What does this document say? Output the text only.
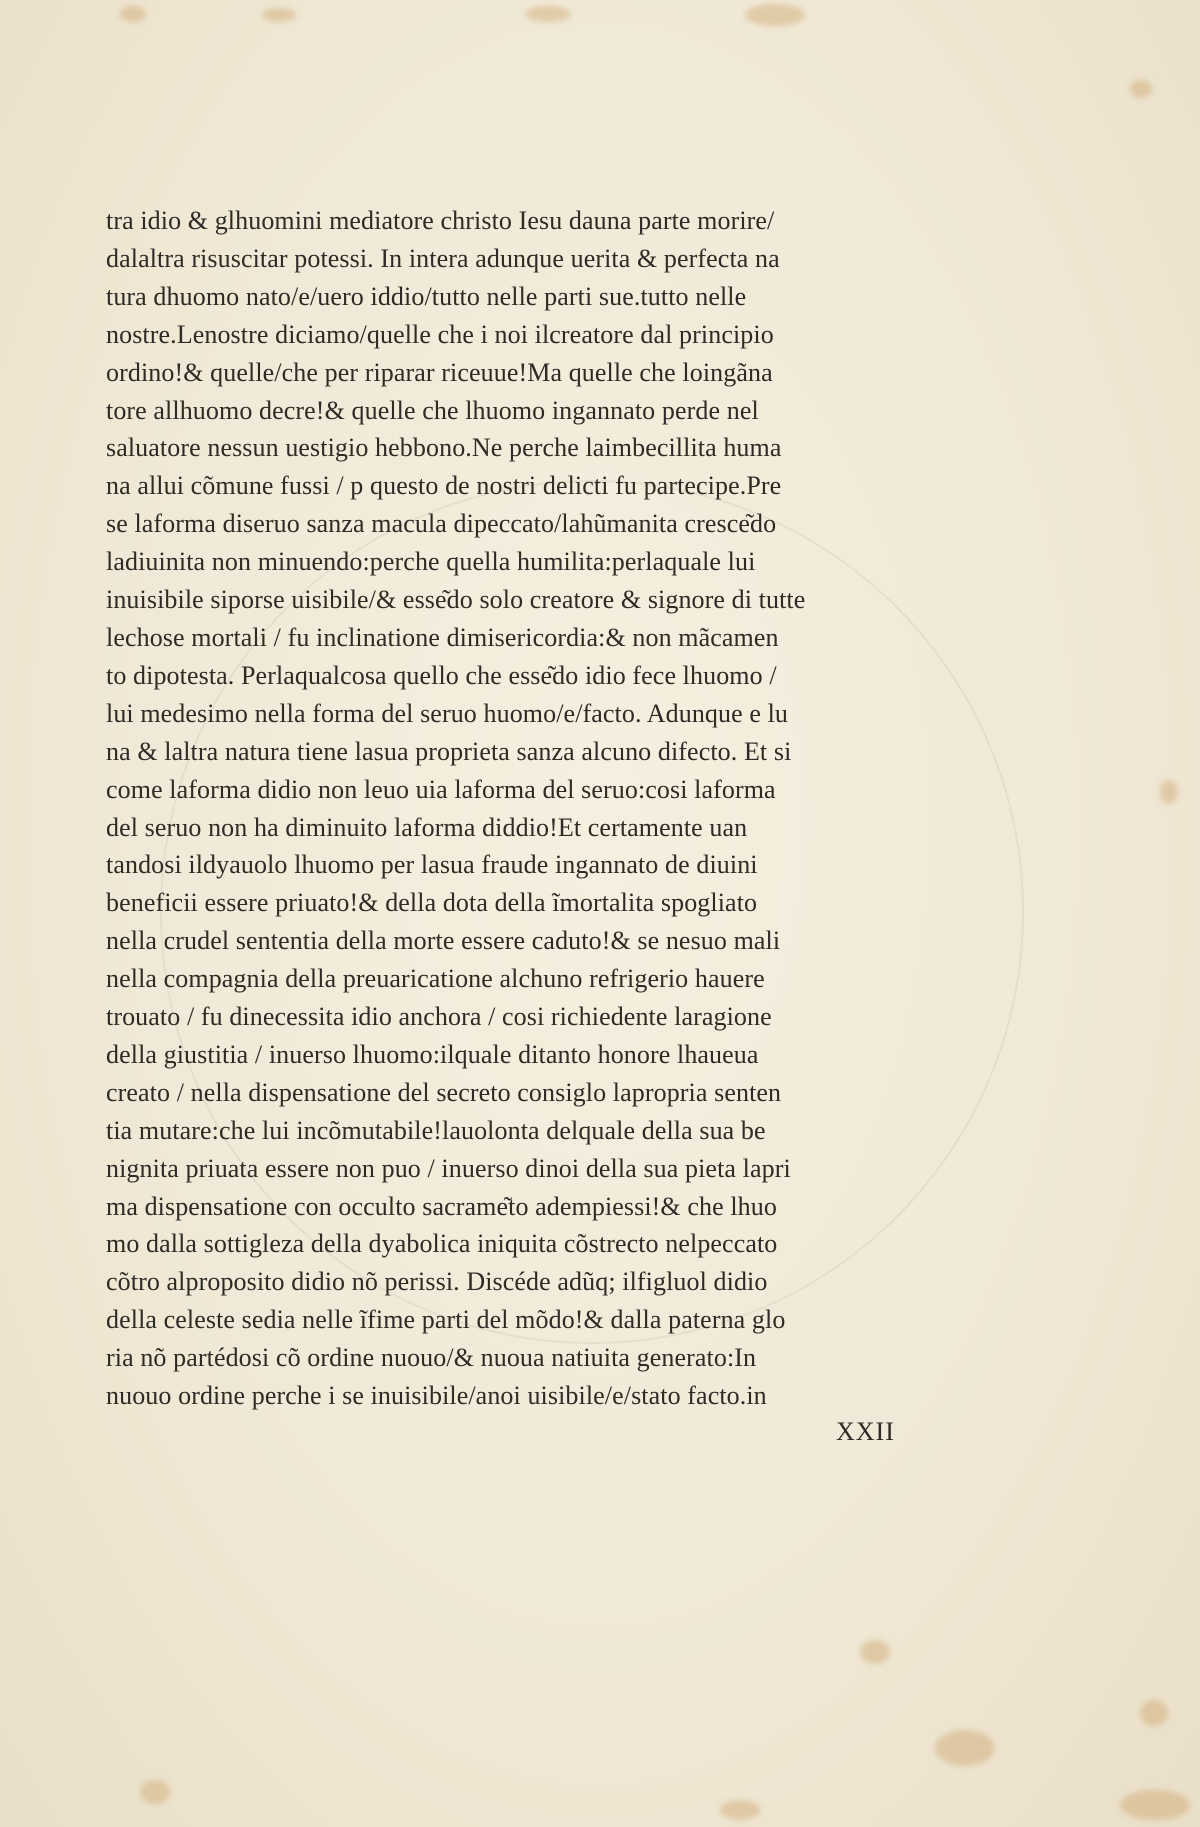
tra idio & glhuomini mediatore christo Iesu dauna parte morire/
dalaltra risuscitar potessi. In intera adunque uerita & perfecta na
tura dhuomo nato/e/uero iddio/tutto nelle parti sue.tutto nelle
nostre.Lenostre diciamo/quelle che i noi ilcreatore dal principio
ordino!& quelle/che per riparar riceuue!Ma quelle che loingãna
tore allhuomo decre!& quelle che lhuomo ingannato perde nel
saluatore nessun uestigio hebbono.Ne perche laimbecillita huma
na allui cõmune fussi / p questo de nostri delicti fu partecipe.Pre
se laforma diseruo sanza macula dipeccato/lahũmanita cresce͂do
ladiuinita non minuendo:perche quella humilita:perlaquale lui
inuisibile siporse uisibile/& esse͂do solo creatore & signore di tutte
lechose mortali / fu inclinatione dimisericordia:& non mãcamen
to dipotesta. Perlaqualcosa quello che esse͂do idio fece lhuomo /
lui medesimo nella forma del seruo huomo/e/facto. Adunque e lu
na & laltra natura tiene lasua proprieta sanza alcuno difecto. Et si
come laforma didio non leuo uia laforma del seruo:cosi laforma
del seruo non ha diminuito laforma diddio!Et certamente uan
tandosi ildyauolo lhuomo per lasua fraude ingannato de diuini
beneficii essere priuato!& della dota della ĩmortalita spogliato
nella crudel sententia della morte essere caduto!& se nesuo mali
nella compagnia della preuaricatione alchuno refrigerio hauere
trouato / fu dinecessita idio anchora / cosi richiedente laragione
della giustitia / inuerso lhuomo:ilquale ditanto honore lhaueua
creato / nella dispensatione del secreto consiglo lapropria senten
tia mutare:che lui incõmutabile!lauolonta delquale della sua be
nignita priuata essere non puo / inuerso dinoi della sua pieta lapri
ma dispensatione con occulto sacrame͂to adempiessi!& che lhuo
mo dalla sottigleza della dyabolica iniquita cõstrecto nelpeccato
cõtro alproposito didio nõ perissi. Discéde adũq; ilfigluol didio
della celeste sedia nelle ĩfime parti del mõdo!& dalla paterna glo
ria nõ partédosi cõ ordine nuouo/& nuoua natiuita generato:In
nuouo ordine perche i se inuisibile/anoi uisibile/e/stato facto.in
XXII
